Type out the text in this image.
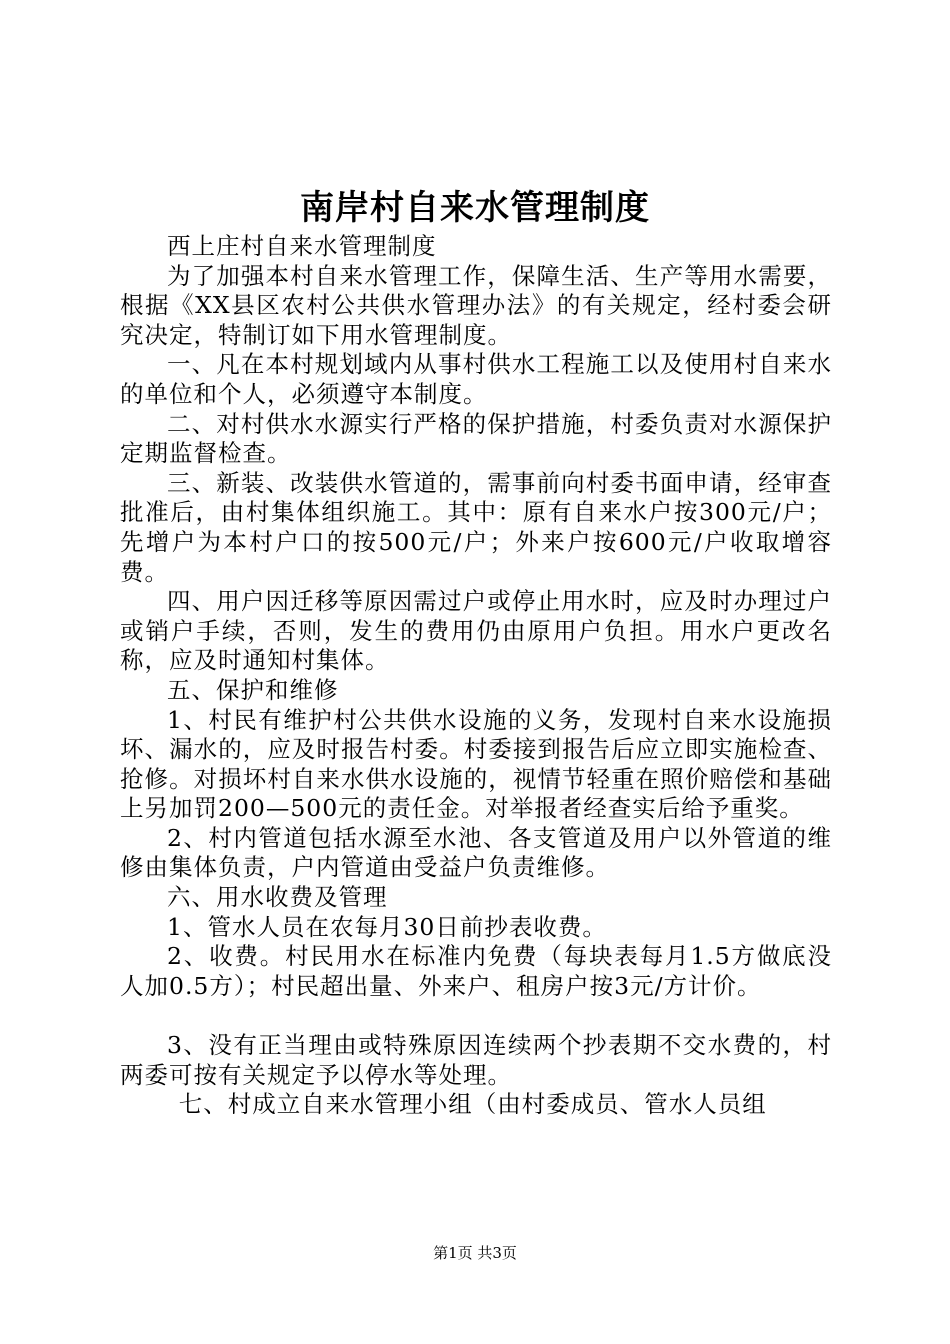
南岸村自来水管理制度

西上庄村自来水管理制度

为了加强本村自来水管理工作，保障生活、生产等用水需要，根据《XX县区农村公共供水管理办法》的有关规定，经村委会研究决定，特制订如下用水管理制度。

一、凡在本村规划域内从事村供水工程施工以及使用村自来水的单位和个人，必须遵守本制度。

二、对村供水水源实行严格的保护措施，村委负责对水源保护定期监督检查。

三、新装、改装供水管道的，需事前向村委书面申请，经审查批准后，由村集体组织施工。其中：原有自来水户按300元/户；先增户为本村户口的按500元/户；外来户按600元/户收取增容费。

四、用户因迁移等原因需过户或停止用水时，应及时办理过户或销户手续，否则，发生的费用仍由原用户负担。用水户更改名称，应及时通知村集体。

五、保护和维修

1、村民有维护村公共供水设施的义务，发现村自来水设施损坏、漏水的，应及时报告村委。村委接到报告后应立即实施检查、抢修。对损坏村自来水供水设施的，视情节轻重在照价赔偿和基础上另加罚200—500元的责任金。对举报者经查实后给予重奖。

2、村内管道包括水源至水池、各支管道及用户以外管道的维修由集体负责，户内管道由受益户负责维修。

六、用水收费及管理

1、管水人员在农每月30日前抄表收费。

2、收费。村民用水在标准内免费（每块表每月1.5方做底没人加0.5方）；村民超出量、外来户、租房户按3元/方计价。

3、没有正当理由或特殊原因连续两个抄表期不交水费的，村两委可按有关规定予以停水等处理。

七、村成立自来水管理小组（由村委成员、管水人员组

第1页 共3页
